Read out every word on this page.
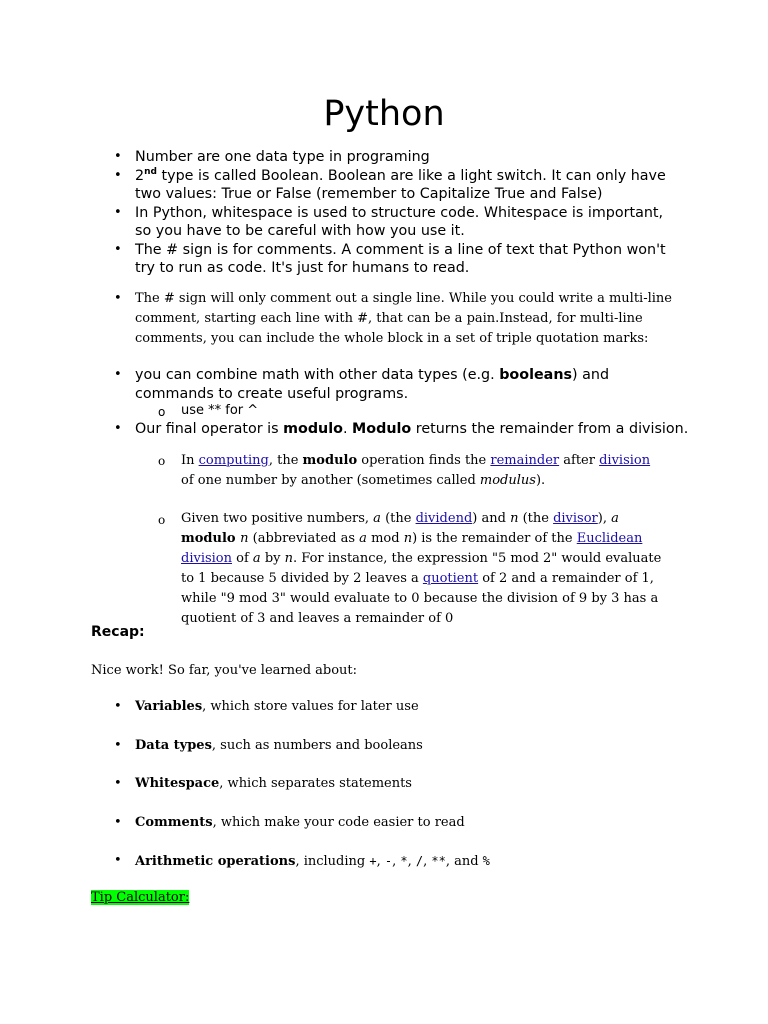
Python
• Number are one data type in programing
• 2nd type is called Boolean. Boolean are like a light switch. It can only have two values: True or False (remember to Capitalize True and False)
• In Python, whitespace is used to structure code. Whitespace is important, so you have to be careful with how you use it.
• The # sign is for comments. A comment is a line of text that Python won't try to run as code. It's just for humans to read.
• The # sign will only comment out a single line. While you could write a multi-line comment, starting each line with #, that can be a pain.Instead, for multi-line comments, you can include the whole block in a set of triple quotation marks:
• you can combine math with other data types (e.g. booleans) and commands to create useful programs.
o use ** for ^
• Our final operator is modulo. Modulo returns the remainder from a division.
o In computing, the modulo operation finds the remainder after division of one number by another (sometimes called modulus).
o Given two positive numbers, a (the dividend) and n (the divisor), a modulo n (abbreviated as a mod n) is the remainder of the Euclidean division of a by n. For instance, the expression "5 mod 2" would evaluate to 1 because 5 divided by 2 leaves a quotient of 2 and a remainder of 1, while "9 mod 3" would evaluate to 0 because the division of 9 by 3 has a quotient of 3 and leaves a remainder of 0
Recap:
Nice work! So far, you've learned about:
• Variables, which store values for later use
• Data types, such as numbers and booleans
• Whitespace, which separates statements
• Comments, which make your code easier to read
• Arithmetic operations, including +, -, *, /, **, and %
Tip Calculator:
